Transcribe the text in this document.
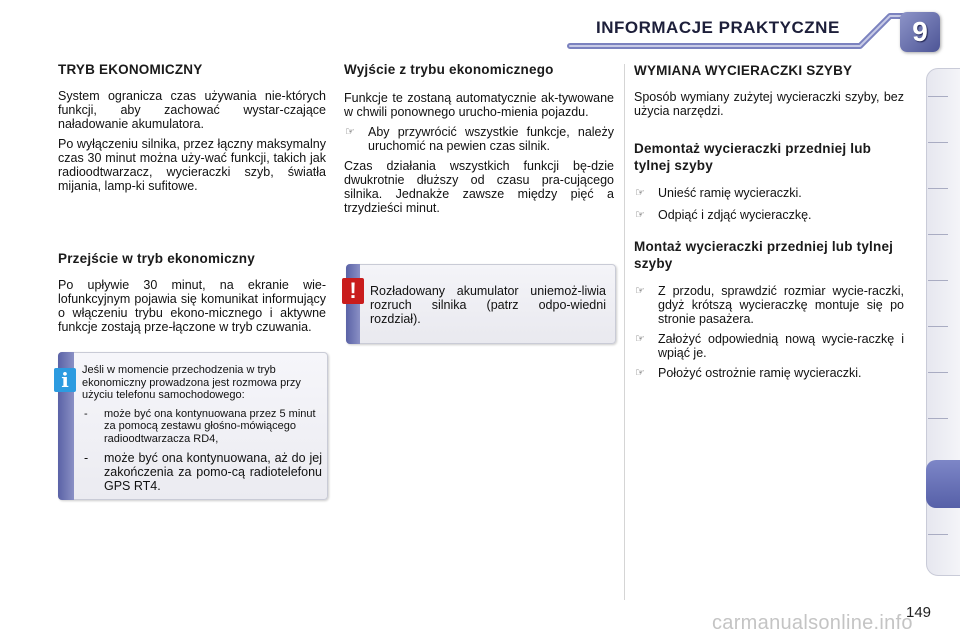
INFORMACJE PRAKTYCZNE	9
TRYB EKONOMICZNY

System ogranicza czas używania nie-których funkcji, aby zachować wystar-czające naładowanie akumulatora.

Po wyłączeniu silnika, przez łączny maksymalny czas 30 minut można uży-wać funkcji, takich jak radioodtwarzacz, wycieraczki szyb, światła mijania, lamp-ki sufitowe.

Przejście w tryb ekonomiczny

Po upływie 30 minut, na ekranie wie-lofunkcyjnym pojawia się komunikat informujący o włączeniu trybu ekono-micznego i aktywne funkcje zostają prze-łączone w tryb czuwania.

i	Jeśli w momencie przechodzenia w tryb ekonomiczny prowadzona jest rozmowa przy użyciu telefonu samochodowego:

- może być ona kontynuowana przez 5 minut za pomocą zestawu głośno-mówiącego radioodtwarzacza RD4,
- może być ona kontynuowana, aż do jej zakończenia za pomo-cą radiotelefonu GPS RT4.
Wyjście z trybu ekonomicznego

Funkcje te zostaną automatycznie ak-tywowane w chwili ponownego urucho-mienia pojazdu.

☞ Aby przywrócić wszystkie funkcje, należy uruchomić na pewien czas silnik.

Czas działania wszystkich funkcji bę-dzie dwukrotnie dłuższy od czasu pra-cującego silnika. Jednakże zawsze między pięć a trzydzieści minut.

!	Rozładowany akumulator uniemoż-liwia rozruch silnika (patrz odpo-wiedni rozdział).
WYMIANA WYCIERACZKI SZYBY

Sposób wymiany zużytej wycieraczki szyby, bez użycia narzędzi.

Demontaż wycieraczki przedniej lub tylnej szyby
☞ Unieść ramię wycieraczki.
☞ Odpiąć i zdjąć wycieraczkę.
Montaż wycieraczki przedniej lub tylnej szyby
☞ Z przodu, sprawdzić rozmiar wycie-raczki, gdyż krótszą wycieraczkę montuje się po stronie pasażera.
☞ Założyć odpowiednią nową wycie-raczkę i wpiąć je.
☞ Położyć ostrożnie ramię wycieraczki.
carmanualsonline.info
149
